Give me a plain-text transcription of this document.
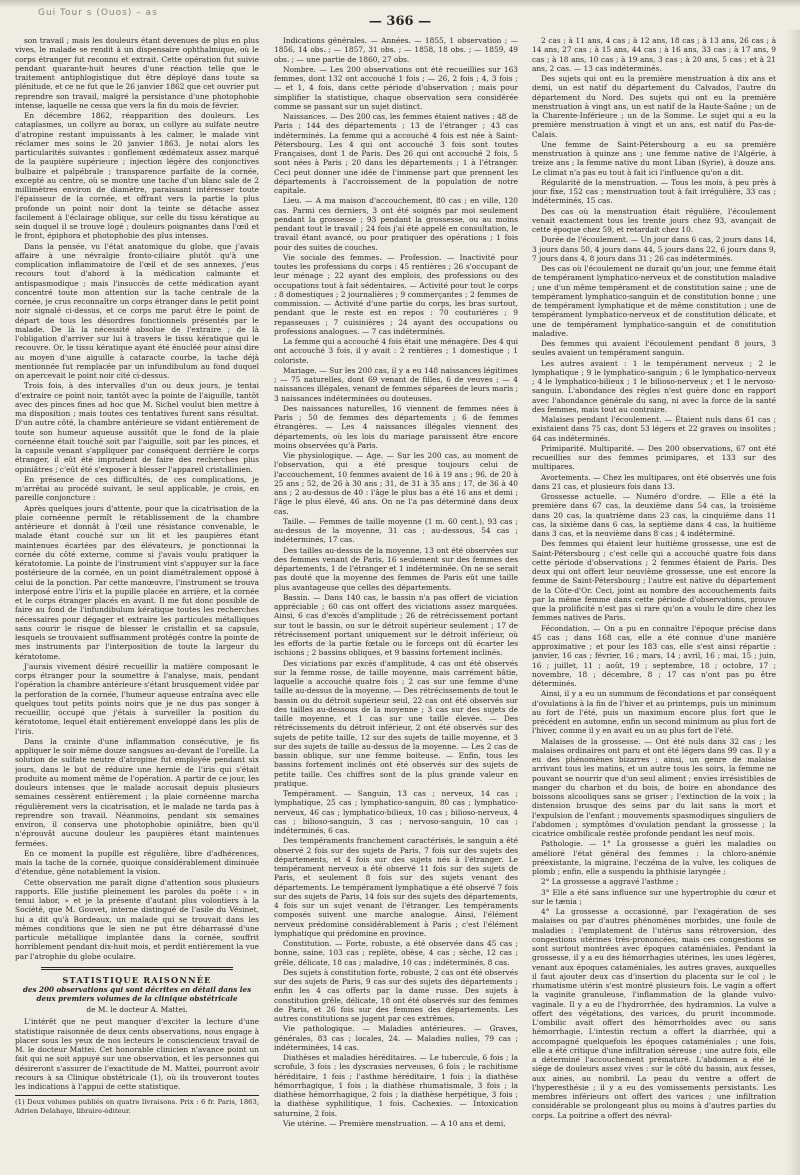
Gui Tour s (Ouos) – as
— 366 —

son travail ; mais les douleurs étant devenues de plus en plus vives, le malade se rendit à un dispensaire ophthalmique, où le corps étranger fut reconnu et extrait. Cette opération fut suivie pendant quarante-huit heures d'une réaction telle que le traitement antiphlogistique dut être déployé dans toute sa plénitude, et ce ne fut que le 26 janvier 1862 que cet ouvrier put reprendre son travail, malgré la persistance d'une photophobie intense, laquelle ne cessa que vers la fin du mois de février.

En décembre 1862, réapparition des douleurs. Les cataplasmes, un collyre au borax, un collyre au sulfate neutre d'atropine restant impuissants à les calmer, le malade vint réclamer mes soins le 20 janvier 1863. Je notai alors les particularités suivantes : gonflement œdémateux assez marqué de la paupière supérieure ; injection légère des conjonctives bulbaire et palpébrale ; transparence parfaite de la cornée, excepté au centre, où se montre une tache d'un blanc sale de 2 millimètres environ de diamètre, paraissant intéresser toute l'épaisseur de la cornée, et offrant vers la partie la plus profonde un point noir dont la teinte se détache assez facilement à l'éclairage oblique, sur celle du tissu kératique au sein duquel il se trouve logé ; douleurs poignantes dans l'œil et le front, épiphora et photophobie des plus intenses.

Dans la pensée, vu l'état anatomique du globe, que j'avais affaire à une névralgie fronto-ciliaire plutôt qu'à une complication inflammatoire de l'œil et de ses annexes, j'eus recours tout d'abord à la médication calmante et antispasmodique ; mais l'insuccès de cette médication ayant concentré toute mon attention sur la tache centrale de la cornée, je crus reconnaître un corps étranger dans le petit point noir signalé ci-dessus, et ce corps me parut être le point de départ de tous les désordres fonctionnels présentés par le malade. De là la nécessité absolue de l'extraire ; de là l'obligation d'arriver sur lui à travers le tissu kératique qui le recouvre. Or, le tissu kératique ayant été énucléé pour ainsi dire au moyen d'une aiguille à cataracte courbe, la tache déjà mentionnée fut remplacée par un infundibulum au fond duquel on apercevait le point noir cité ci-dessus.

Trois fois, à des intervalles d'un ou deux jours, je tentai d'extraire ce point noir, tantôt avec la pointe de l'aiguille, tantôt avec des pinces fines ad hoc que M. Sichel voulut bien mettre à ma disposition ; mais toutes ces tentatives furent sans résultat. D'un autre côté, la chambre antérieure se vidant entièrement de toute son humeur aqueuse aussitôt que le fond de la plaie cornéenne était touché soit par l'aiguille, soit par les pinces, et la capsule venant s'appliquer par conséquent derrière le corps étranger, il eût été imprudent de faire des recherches plus opiniâtres ; c'eût été s'exposer à blesser l'appareil cristallinien.

En présence de ces difficultés, de ces complications, je m'arrêtai au procédé suivant, le seul applicable, je crois, en pareille conjoncture :

Après quelques jours d'attente, pour que la cicatrisation de la plaie cornéenne permît le rétablissement de la chambre antérieure et donnât à l'œil une résistance convenable, le malade étant couché sur un lit et les paupières étant maintenues écartées par des élévateurs, je ponctionnai la cornée du côté externe, comme si j'avais voulu pratiquer la kératotomie. La pointe de l'instrument vint s'appuyer sur la face postérieure de la cornée, en un point diamétralement opposé à celui de la ponction. Par cette manœuvre, l'instrument se trouva interposé entre l'iris et la pupille placée en arrière, et la cornée et le corps étranger placés en avant. Il me fut donc possible de faire au fond de l'infundibulum kératique toutes les recherches nécessaires pour dégager et extraire les particules métalliques sans courir le risque de blesser le cristallin et sa capsule, lesquels se trouvaient suffisamment protégés contre la pointe de mes instruments par l'interposition de toute la largeur du kératotome.

J'aurais vivement désiré recueillir la matière composant le corps étranger pour la soumettre à l'analyse, mais, pendant l'opération la chambre antérieure s'étant brusquement vidée par la perforation de la cornée, l'humeur aqueuse entraîna avec elle quelques tout petits points noirs que je ne dus pas songer à recueillir, occupé que j'étais à surveiller la position du kératotome, lequel était entièrement enveloppé dans les plis de l'iris.

Dans la crainte d'une inflammation consécutive, je fis appliquer le soir même douze sangsues au-devant de l'oreille. La solution de sulfate neutre d'atropine fut employée pendant six jours, dans le but de réduire une hernie de l'iris qui s'était produite au moment même de l'opération. A partir de ce jour, les douleurs intenses que le malade accusait depuis plusieurs semaines cessèrent entièrement ; la plaie cornéenne marcha régulièrement vers la cicatrisation, et le malade ne tarda pas à reprendre son travail. Néanmoins, pendant six semaines environ, il conserva une photophobie opiniâtre, bien qu'il n'éprouvât aucune douleur les paupières étant maintenues fermées.

En ce moment la pupille est régulière, libre d'adhérences, mais la tache de la cornée, quoique considérablement diminuée d'étendue, gêne notablement la vision.

Cette observation me paraît digne d'attention sous plusieurs rapports. Elle justifie pleinement les paroles du poëte : « in tenui labor, » et je la présente d'autant plus volontiers à la Société, que M. Gouvet, interne distingué de l'asile du Vésinet, lui a dit qu'à Bordeaux, un malade qui se trouvait dans les mêmes conditions que le sien ne put être débarrassé d'une particule métallique implantée dans la cornée, souffrit horriblement pendant dix-huit mois, et perdit entièrement la vue par l'atrophie du globe oculaire.

STATISTIQUE RAISONNÉE
des 200 observations qui sont décrites en détail dans les deux premiers volumes de la clinique obstétricale
de M. le docteur A. Mattei.

L'intérêt que ne peut manquer d'exciter la lecture d'une statistique raisonnée de deux cents observations, nous engage à placer sous les yeux de nos lecteurs le consciencieux travail de M. le docteur Mattei. Cet honorable clinicien n'avance point un fait qui ne soit appuyé sur une observation, et les personnes qui désireront s'assurer de l'exactitude de M. Mattei, pourront avoir recours à sa Clinique obstétricale (1), où ils trouveront toutes les indications à l'appui de cette statistique.

(1) Deux volumes publiés en quatre livraisons. Prix : 6 fr. Paris, 1863, Adrien Delahaye, libraire-éditeur.

Indications générales. — Années. — 1855, 1 observation ; — 1856, 14 obs. ; — 1857, 31 obs. ; — 1858, 18 obs. ; — 1859, 49 obs. ; — une partie de 1860, 27 obs.

Nombre. — Les 200 observations ont été recueillies sur 163 femmes, dont 132 ont accouché 1 fois ; — 26, 2 fois ; 4, 3 fois ; — et 1, 4 fois, dans cette période d'observation ; mais pour simplifier la statistique, chaque observation sera considérée comme se passant sur un sujet distinct.

Naissances. — Des 200 cas, les femmes étaient natives : 48 de Paris ; 144 des départements ; 13 de l'étranger ; 43 cas indéterminés. La femme qui a accouché 4 fois est née à Saint-Pétersbourg. Les 4 qui ont accouché 3 fois sont toutes Françaises, dont 1 de Paris. Des 26 qui ont accouché 2 fois, 5 sont nées à Paris ; 20 dans les départements ; 1 à l'étranger. Ceci peut donner une idée de l'immense part que prennent les départements à l'accroissement de la population de notre capitale.

Lieu. — A ma maison d'accouchement, 80 cas ; en ville, 120 cas. Parmi ces derniers, 3 ont été soignés par moi seulement pendant la grossesse ; 93 pendant la grossesse, ou au moins pendant tout le travail ; 24 fois j'ai été appelé en consultation, le travail étant avancé, ou pour pratiquer des opérations ; 1 fois pour des suites de couches.

Vie sociale des femmes. — Profession. — Inactivité pour toutes les professions du corps : 45 rentières ; 26 s'occupant de leur ménage ; 22 ayant des emplois, des professions ou des occupations tout à fait sédentaires. — Activité pour tout le corps : 8 domestiques ; 2 journalières ; 9 commerçantes ; 2 femmes de commission. — Activité d'une partie du corps, les bras surtout, pendant que le reste est en repos : 70 couturières ; 9 repasseuses ; 7 cuisinières ; 24 ayant des occupations ou professions analogues. — 7 cas indéterminés.

La femme qui a accouché 4 fois était une ménagère. Des 4 qui ont accouché 3 fois, il y avait : 2 rentières ; 1 domestique ; 1 coloriste.

Mariage. — Sur les 200 cas, il y a eu 148 naissances légitimes ; — 75 naturelles, dont 69 venant de filles, 6 de veuves ; — 4 naissances illégales, venant de femmes séparées de leurs maris ; 3 naissances indéterminées ou douteuses.

Des naissances naturelles, 16 viennent de femmes nées à Paris ; 50 de femmes des départements ; 6 de femmes étrangères. — Les 4 naissances illégales viennent des départements, où les lois du mariage paraissent être encore moins observées qu'à Paris.

Vie physiologique. — Age. — Sur les 200 cas, au moment de l'observation, qui a été presque toujours celui de l'accouchement, 10 femmes avaient de 16 à 19 ans ; 96, de 20 à 25 ans ; 52, de 26 à 30 ans ; 31, de 31 à 35 ans ; 17, de 36 à 40 ans ; 2 au-dessus de 40 : l'âge le plus bas a été 16 ans et demi ; l'âge le plus élevé, 46 ans. On ne l'a pas déterminé dans deux cas.

Taille. — Femmes de taille moyenne (1 m. 60 cent.), 93 cas ; au-dessus de la moyenne, 31 cas ; au-dessous, 54 cas ; indéterminés, 17 cas.

Des tailles au-dessus de la moyenne, 13 ont été observées sur des femmes venant de Paris, 16 seulement sur des femmes des départements, 1 de l'étranger et 1 indéterminée. On ne se serait pas douté que la moyenne des femmes de Paris eût une taille plus avantageuse que celles des départements.

Bassin. — Dans 140 cas, le bassin n'a pas offert de viciation appréciable ; 60 cas ont offert des viciations assez marquées. Ainsi, 6 cas d'excès d'amplitude ; 26 de rétrécissement portant sur tout le bassin, ou sur le détroit supérieur seulement ; 17 de rétrécissement portant uniquement sur le détroit inférieur, où les efforts de la partie fœtale ou le forceps ont dû écarter les ischions ; 2 bassins obliques, et 9 bassins fortement inclinés.

Des viciations par excès d'amplitude, 4 cas ont été observés sur la femme rosse, de taille moyenne, mais carrément bâtie, laquelle a accouché quatre fois ; 2 cas sur une femme d'une taille au-dessus de la moyenne. — Des rétrécissements de tout le bassin ou du détroit supérieur seul, 22 cas ont été observés sur des tailles au-dessous de la moyenne ; 3 cas sur des sujets de taille moyenne, et 1 cas sur une taille élevée. — Des rétrécissements du détroit inférieur, 2 ont été observés sur des sujets de petite taille, 12 sur des sujets de taille moyenne, et 3 sur des sujets de taille au-dessus de la moyenne. — Les 2 cas de bassin oblique, sur une femme boiteuse. — Enfin, tous les bassins fortement inclinés ont été observés sur des sujets de petite taille. Ces chiffres sont de la plus grande valeur en pratique.

Tempérament. — Sanguin, 13 cas ; nerveux, 14 cas ; lymphatique, 25 cas ; lymphatico-sanguin, 80 cas ; lymphatico-nerveux, 46 cas ; lymphatico-bilieux, 10 cas ; bilioso-nerveux, 4 cas ; bilioso-sanguin, 3 cas ; nervoso-sanguin, 10 cas ; indéterminés, 6 cas.

Des tempéraments franchement caractérisés, le sanguin a été observé 2 fois sur des sujets de Paris, 7 fois sur des sujets des départements, et 4 fois sur des sujets nés à l'étranger. Le tempérament nerveux a été observé 11 fois sur des sujets de Paris, et seulement 8 fois sur des sujets venant des départements. Le tempérament lymphatique a été observé 7 fois sur des sujets de Paris, 14 fois sur des sujets des départements, 4 fois sur un sujet venant de l'étranger. Les tempéraments composés suivent une marche analogue. Ainsi, l'élément nerveux prédomine considérablement à Paris ; c'est l'élément lymphatique qui prédomine en province.

Constitution. — Forte, robuste, a été observée dans 45 cas ; bonne, saine, 103 cas ; replète, obèse, 4 cas ; sèche, 12 cas ; grêle, délicate, 18 cas ; maladive, 10 cas ; indéterminés, 8 cas.

Des sujets à constitution forte, robuste, 2 cas ont été observés sur des sujets de Paris, 9 cas sur des sujets des départements ; enfin les 4 cas offerts par la dame russe. Des sujets à constitution grêle, délicate, 18 ont été observés sur des femmes de Paris, et 26 fois sur des femmes des départements. Les autres constitutions se jugent par ces extrêmes.

Vie pathologique. — Maladies antérieures. — Graves, générales, 83 cas ; locales, 24. — Maladies nulles, 79 cas ; indéterminées, 14 cas.

Diathèses et maladies héréditaires. — Le tubercule, 6 fois ; la scrofule, 3 fois ; les dyscrasies nerveuses, 6 fois ; le rachitisme héréditaire, 1 fois ; l'asthme héréditaire, 1 fois ; la diathèse hémorrhagique, 1 fois ; la diathèse rhumatismale, 3 fois ; la diathèse hémorrhagique, 2 fois ; la diathèse herpétique, 3 fois ; la diathèse syphilitique, 1 fois. Cachexies. — Intoxication saturnine, 2 fois.

Vie utérine. — Première menstruation. — A 10 ans et demi,

2 cas ; à 11 ans, 4 cas ; à 12 ans, 18 cas ; à 13 ans, 26 cas ; à 14 ans, 27 cas ; à 15 ans, 44 cas ; à 16 ans, 33 cas ; à 17 ans, 9 cas ; à 18 ans, 10 cas ; à 19 ans, 3 cas ; à 20 ans, 5 cas ; et à 21 ans, 2 cas. — 13 cas indéterminés.

Des sujets qui ont eu la première menstruation à dix ans et demi, un est natif du département du Calvados, l'autre du département du Nord. Des sujets qui ont eu la première menstruation à vingt ans, un est natif de la Haute-Saône ; un de la Charente-Inférieure ; un de la Somme. Le sujet qui a eu la première menstruation à vingt et un ans, est natif du Pas-de-Calais.

Une femme de Saint-Pétersbourg a eu sa première menstruation à quinze ans ; une femme native de l'Algérie, à treize ans ; la femme native du mont Liban (Syrie), à douze ans. Le climat n'a pas eu tout à fait ici l'influence qu'on a dit.

Régularité de la menstruation. — Tous les mois, à peu près à jour fixe, 152 cas ; menstruation tout à fait irrégulière, 33 cas ; indéterminés, 15 cas.

Des cas où la menstruation était régulière, l'écoulement venait exactement tous les trente jours chez 93, avançait de cette époque chez 59, et retardait chez 10.

Durée de l'écoulement. — Un jour dans 6 cas, 2 jours dans 14, 3 jours dans 50, 4 jours dans 44, 5 jours dans 22, 6 jours dans 9, 7 jours dans 4, 8 jours dans 31 ; 26 cas indéterminés.

Des cas où l'écoulement ne durait qu'un jour, une femme était de tempérament lymphatico-nerveux et de constitution maladive ; une d'un même tempérament et de constitution saine ; une de tempérament lymphatico-sanguin et de constitution bonne ; une de tempérament lymphatique et de même constitution ; une de tempérament lymphatico-nerveux et de constitution délicate, et une de tempérament lymphatico-sanguin et de constitution maladive.

Des femmes qui avaient l'écoulement pendant 8 jours, 3 seules avaient un tempérament sanguin.

Les autres avaient : 1 le tempérament nerveux ; 2 le lymphatique ; 9 le lymphatico-sanguin ; 6 le lymphatico-nerveux ; 4 le lymphatico-bilieux ; 1 le bilioso-nerveux ; et 1 le nervoso-sanguin. L'abondance des règles n'est guère donc en rapport avec l'abondance générale du sang, ni avec la force de la santé des femmes, mais tout au contraire.

Malaises pendant l'écoulement. — Étaient nuls dans 61 cas ; existaient dans 75 cas, dont 53 légers et 22 graves ou insolites ; 64 cas indéterminés.

Primiparité. Multiparité. — Des 200 observations, 67 ont été recueillies sur des femmes primipares, et 133 sur des multipares.

Avortements. — Chez les multipares, ont été observés une fois dans 21 cas, et plusieurs fois dans 13.

Grossesse actuelle. — Numéro d'ordre. — Elle a été la première dans 67 cas, la deuxième dans 54 cas, la troisième dans 20 cas, la quatrième dans 23 cas, la cinquième dans 11 cas, la sixième dans 6 cas, la septième dans 4 cas, la huitième dans 3 cas, et la neuvième dans 8 cas ; 4 indéterminé.

Des femmes qui étaient leur huitième grossesse, une est de Saint-Pétersbourg ; c'est celle qui a accouché quatre fois dans cette période d'observations ; 2 femmes étaient de Paris. Des deux qui ont offert leur neuvième grossesse, une est encore la femme de Saint-Pétersbourg ; l'autre est native du département de la Côte-d'Or. Ceci, joint au nombre des accouchements faits par la même femme dans cette période d'observations, prouve que la prolificité n'est pas si rare qu'on a voulu le dire chez les femmes natives de Paris.

Fécondation. — On a pu en connaître l'époque précise dans 45 cas ; dans 168 cas, elle a été connue d'une manière approximative ; et pour les 183 cas, elle s'est ainsi répartie : janvier, 16 cas ; février, 16 ; mars, 14 ; avril, 16 ; mai, 15 ; juin, 16 ; juillet, 11 ; août, 19 ; septembre, 18 ; octobre, 17 ; novembre, 18 ; décembre, 8 ; 17 cas n'ont pas pu être déterminés.

Ainsi, il y a eu un summum de fécondations et par conséquent d'ovulations à la fin de l'hiver et au printemps, puis un minimum au fort de l'été, puis un maximum encore plus fort que le précédent en automne, enfin un second minimum au plus fort de l'hiver, comme il y en avait eu un au plus fort de l'été.

Malaises de la grossesse. — Ont été nuls dans 32 cas ; les malaises ordinaires ont paru et ont été légers dans 99 cas. Il y a eu des phénomènes bizarres ; ainsi, un genre de malaise arrivant tous les matins, et un autre tous les soirs, la femme ne pouvant se nourrir que d'un seul aliment ; envies irrésistibles de manger du charbon et du bois, de boire en abondance des boissons alcooliques sans se griser ; l'extinction de la voix ; la distension brusque des seins par du lait sans la mort et l'expulsion de l'enfant ; mouvements spasmodiques singuliers de l'abdomen ; symptômes d'ovulation pendant la grossesse ; la cicatrice ombilicale restée profonde pendant les neuf mois.

Pathologie. — 1° La grossesse a guéri les maladies ou amélioré l'état général des femmes : la chloro-anémie préexistante, la migraine, l'eczéma de la vulve, les coliques de plomb ; enfin, elle a suspendu la phthisie laryngée ;

2° La grossesse a aggravé l'asthme ;

3° Elle a été sans influence sur une hypertrophie du cœur et sur le tænia ;

4° La grossesse a occasionné, par l'exagération de ses malaises ou par d'autres phénomènes morbides, une foule de maladies : l'emplatement de l'utérus sans rétroversion, des congestions utérines très-prononcées, mais ces congestions se sont surtout montrées avec époques cataméniales. Pendant la grossesse, il y a eu des hémorrhagies utérines, les unes légères, venant aux époques cataméniales, les autres graves, auxquelles il faut ajouter deux cas d'insertion du placenta sur le col ; le rhumatisme utérin s'est montré plusieurs fois. Le vagin a offert la vaginite granuleuse, l'inflammation de la glande vulvo-vaginale. Il y a eu de l'hydrorrhée, des hydramnios. La vulve a offert des végétations, des varices, du prurit incommode. L'ombilic avait offert des hémorrhoïdes avec ou sans hémorrhagie. L'intestin rectum a offert la diarrhée, qui a accompagné quelquefois les époques cataméniales ; une fois, elle a été critique d'une infiltration séreuse ; une autre fois, elle a déterminé l'accouchement prématuré. L'abdomen a été le siège de douleurs assez vives : sur le côté du bassin, aux fesses, aux aines, au nombril. La peau du ventre a offert de l'hyperesthésie ; il y a eu des vomissements persistants. Les membres inférieurs ont offert des varices ; une infiltration considérable se prolongeant plus ou moins à d'autres parties du corps. La poitrine a offert des névral-
